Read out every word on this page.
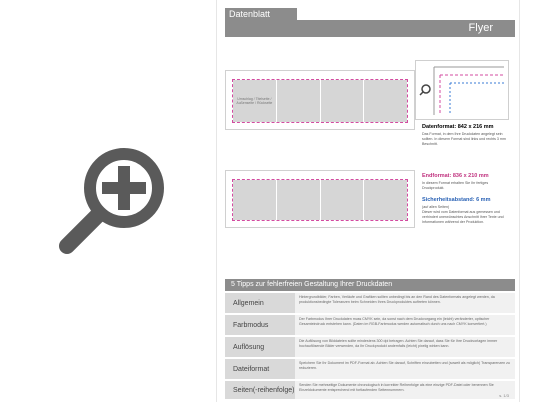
Datenblatt
Flyer
Umschlag / Titelseite / Außenseite / Rückseite
Datenformat: 842 x 216 mm
Das Format, in dem Ihre Druckdaten angelegt sein sollten. In diesem Format sind links und rechts 3 mm Beschnitt.
Endformat: 836 x 210 mm
In diesem Format erhalten Sie Ihr fertiges Druckprodukt.
Sicherheitsabstand: 6 mm
(auf allen Seiten)
Dieser wird vom Datenformat aus gemessen und verhindert unerwünschtes Anschnitt Ihrer Texte und Informationen während der Produktion.
5 Tipps zur fehlerfreien Gestaltung Ihrer Druckdaten
Allgemein
Hintergrundbilder, Farben, Verläufe und Grafiken sollten unbedingt bis an den Rand des Datenformats angelegt werden, da produktionsbedingte Toleranzen beim Schneiden Ihres Druckproduktes auftreten können.
Farbmodus
Der Farbmodus Ihrer Druckdaten muss CMYK sein, da sonst nach dem Druckvorgang ein (leicht) veränderter, optischer Gesamteindruck entstehen kann. (Daten im RGB-Farbmodus werden automatisch durch uns nach CMYK konvertiert.)
Auflösung
Die Auflösung von Bilddateien sollte mindestens 300 dpi betragen. Achten Sie darauf, dass Sie für Ihre Druckvorlagen immer hochauflösende Bilder verwenden, da Ihr Druckprodukt andernfalls (leicht) pixelig wirken kann.
Dateiformat
Speichern Sie Ihr Dokument im PDF-Format ab. Achten Sie darauf, Schriften einzubetten und (soweit als möglich) Transparenzen zu reduzieren.
Seiten(-reihenfolge)
Senden Sie mehrseitige Dokumente chronologisch in korrekter Reihenfolge als eine einzige PDF-Datei oder benennen Sie Einzeldokumente entsprechend mit fortlaufenden Seitennummern.
s. 1/3
